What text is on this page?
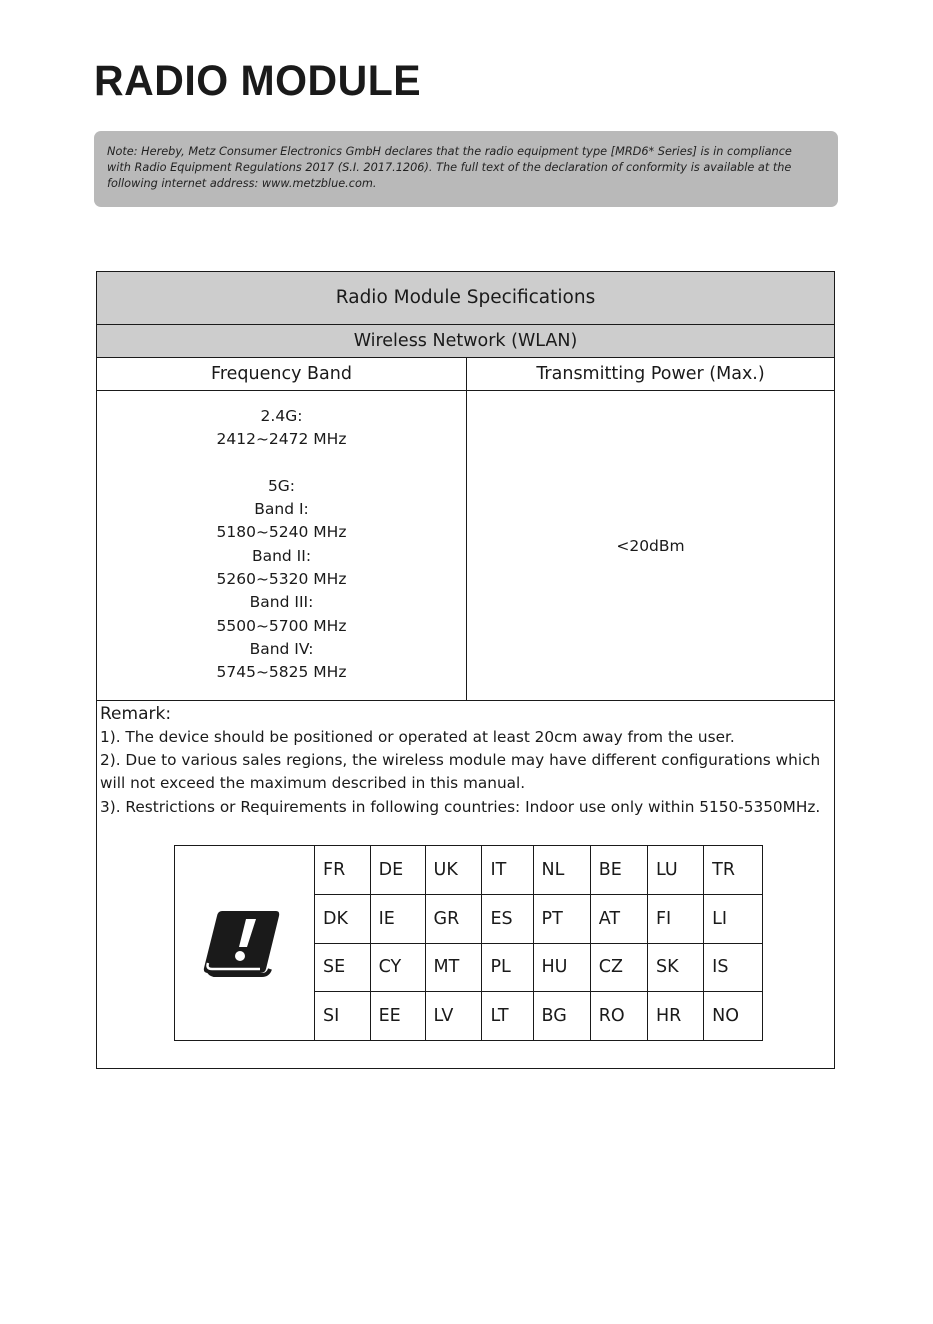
RADIO MODULE
Note: Hereby, Metz Consumer Electronics GmbH declares that the radio equipment type [MRD6* Series] is in compliance
with Radio Equipment Regulations 2017 (S.I. 2017.1206). The full text of the declaration of conformity is available at the
following internet address: www.metzblue.com.
Radio Module Specifications
Wireless Network (WLAN)
Frequency Band	Transmitting Power (Max.)
2.4G:
2412~2472 MHz
5G:
Band I:
5180~5240 MHz
Band II:
5260~5320 MHz
Band III:
5500~5700 MHz
Band IV:
5745~5825 MHz
<20dBm
Remark:
1). The device should be positioned or operated at least 20cm away from the user.
2). Due to various sales regions, the wireless module may have different configurations which
will not exceed the maximum described in this manual.
3). Restrictions or Requirements in following countries: Indoor use only within 5150-5350MHz.
	FR	DE	UK	IT	NL	BE	LU	TR
	DK	IE	GR	ES	PT	AT	FI	LI
	SE	CY	MT	PL	HU	CZ	SK	IS
	SI	EE	LV	LT	BG	RO	HR	NO
